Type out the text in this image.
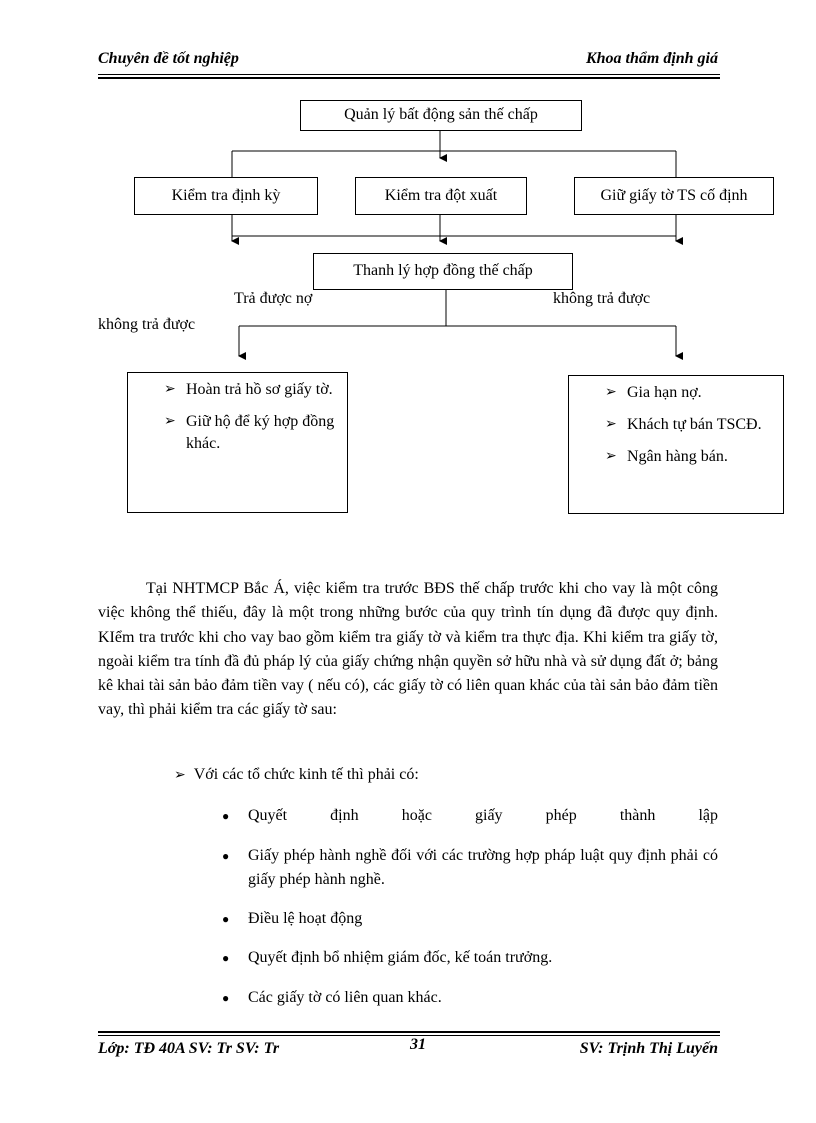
Chuyên đề tốt nghiệp	Khoa thẩm định giá
Quản lý bất động sản thế chấp
Kiểm tra định kỳ	Kiểm tra đột xuất	Giữ giấy tờ TS cố định
Thanh lý hợp đồng thế chấp
Trả được nợ	không trả được
không trả được
➢ Hoàn trả hồ sơ giấy tờ.
➢ Giữ hộ để ký hợp đồng khác.
➢ Gia hạn nợ.
➢ Khách tự bán TSCĐ.
➢ Ngân hàng bán.
Tại NHTMCP Bắc Á, việc kiểm tra trước BĐS thế chấp trước khi cho vay là một công việc không thể thiếu, đây là một trong những bước của quy trình tín dụng đã được quy định. KIểm tra trước khi cho vay bao gồm kiểm tra giấy tờ và kiểm tra thực địa. Khi kiểm tra giấy tờ, ngoài kiểm tra tính đầ đủ pháp lý của giấy chứng nhận quyền sở hữu nhà và sử dụng đất ở; bảng kê khai tài sản bảo đảm tiền vay ( nếu có), các giấy tờ có liên quan khác của tài sản bảo đảm tiền vay, thì phải kiểm tra các giấy tờ sau:
➢ Với các tổ chức kinh tế thì phải có:
● Quyết định hoặc giấy phép thành lập
● Giấy phép hành nghề đối với các trường hợp pháp luật quy định phải có giấy phép hành nghề.
● Điều lệ hoạt động
● Quyết định bổ nhiệm giám đốc, kế toán trưởng.
● Các giấy tờ có liên quan khác.
Lớp: TĐ 40A SV: Tr SV: Tr	31	SV: Trịnh Thị Luyến
